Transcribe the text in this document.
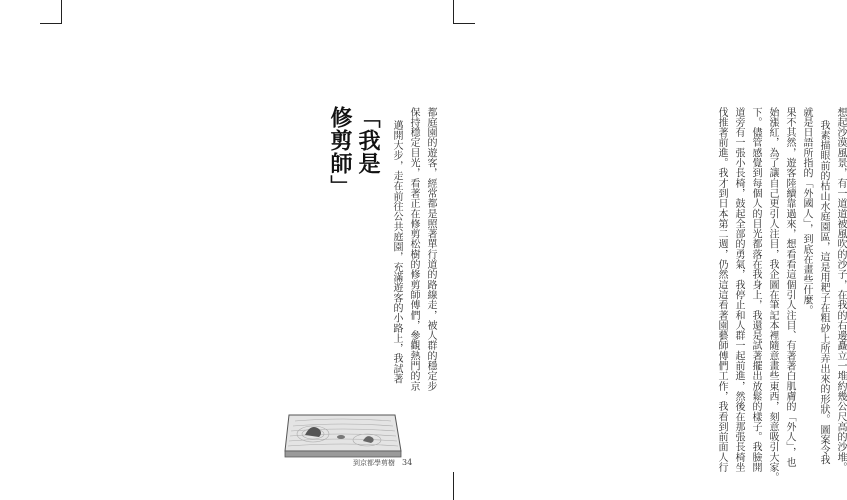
「我是
修剪師」	邁開大步，走在前往公共庭園，充滿遊客的小路上，我試著 保持穩定目光，看著正在修剪松樹的修剪師傅們，參觀熱門的京 都庭園的遊客，經常都是照著單行道的路線走，被人群的穩定步	伐推著前進。我才到日本第二週，仍然這這看著園藝師傅們工作，我看到前面人行 道旁有一張小長椅，鼓起全部的勇氣，我停止和人群一起前進，然後在那張長椅坐 下。儘管感覺到每個人的目光都落在我身上，我還是試著擺出放鬆的樣子。我臉開 始漲紅，為了讓自己更引人注目，我企圖在筆記本裡隨意畫些東西，刻意吸引大家。 果不其然，遊客陸續靠過來，想看看這個引人注目、有著著白肌膚的「外人」，也 就是日語所指的「外國人」，到底在畫些什麼。 我素描眼前的枯山水庭園區，這是用耙子在粗砂上所弄出來的形狀。圖案令我 想起沙漠風景，有一道道被風吹的沙子，在我的右邊矗立一堆約幾公尺高的沙堆。
到京都學剪樹 34
